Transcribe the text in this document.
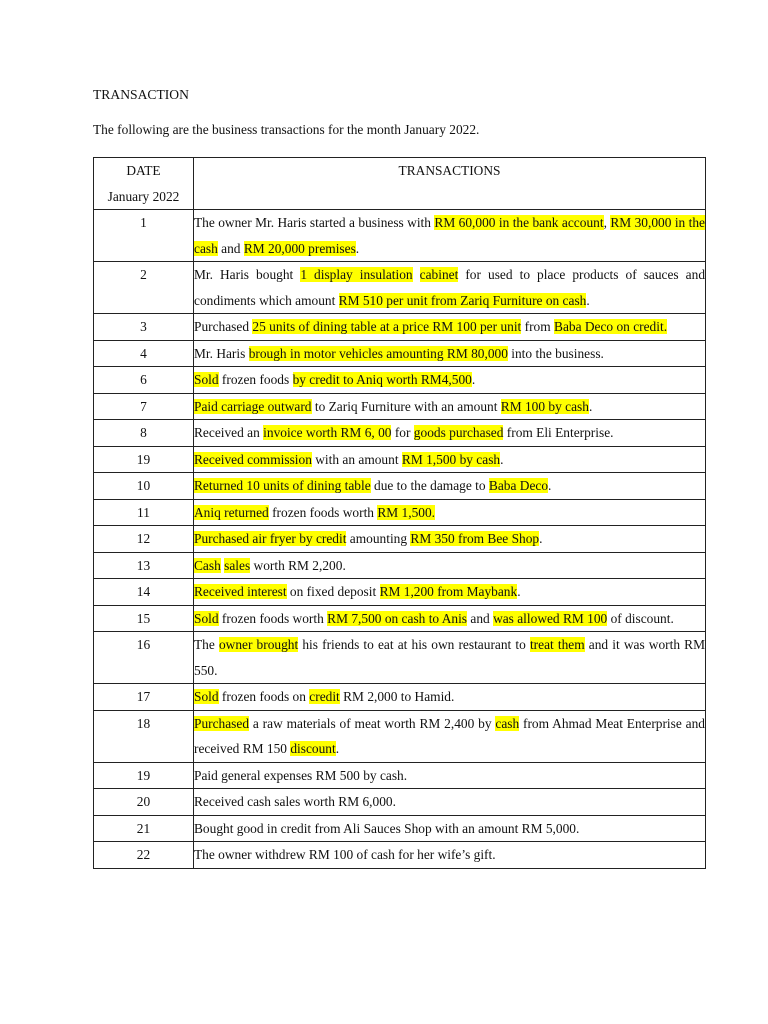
TRANSACTION
The following are the business transactions for the month January 2022.
DATE
January 2022	TRANSACTIONS
1	The owner Mr. Haris started a business with RM 60,000 in the bank account, RM 30,000 in the cash and RM 20,000 premises.
2	Mr. Haris bought 1 display insulation cabinet for used to place products of sauces and condiments which amount RM 510 per unit from Zariq Furniture on cash.
3	Purchased 25 units of dining table at a price RM 100 per unit from Baba Deco on credit.
4	Mr. Haris brough in motor vehicles amounting RM 80,000 into the business.
6	Sold frozen foods by credit to Aniq worth RM4,500.
7	Paid carriage outward to Zariq Furniture with an amount RM 100 by cash.
8	Received an invoice worth RM 6, 00 for goods purchased from Eli Enterprise.
19	Received commission with an amount RM 1,500 by cash.
10	Returned 10 units of dining table due to the damage to Baba Deco.
11	Aniq returned frozen foods worth RM 1,500.
12	Purchased air fryer by credit amounting RM 350 from Bee Shop.
13	Cash sales worth RM 2,200.
14	Received interest on fixed deposit RM 1,200 from Maybank.
15	Sold frozen foods worth RM 7,500 on cash to Anis and was allowed RM 100 of discount.
16	The owner brought his friends to eat at his own restaurant to treat them and it was worth RM 550.
17	Sold frozen foods on credit RM 2,000 to Hamid.
18	Purchased a raw materials of meat worth RM 2,400 by cash from Ahmad Meat Enterprise and received RM 150 discount.
19	Paid general expenses RM 500 by cash.
20	Received cash sales worth RM 6,000.
21	Bought good in credit from Ali Sauces Shop with an amount RM 5,000.
22	The owner withdrew RM 100 of cash for her wife’s gift.
